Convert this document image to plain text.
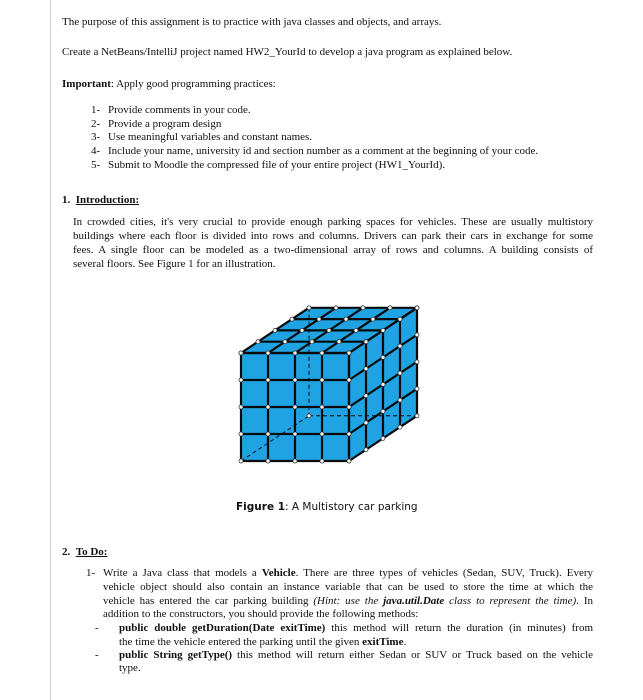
The purpose of this assignment is to practice with java classes and objects, and arrays.
Create a NetBeans/IntelliJ project named HW2_YourId to develop a java program as explained below.
Important: Apply good programming practices:
1- Provide comments in your code.
2- Provide a program design
3- Use meaningful variables and constant names.
4- Include your name, university id and section number as a comment at the beginning of your code.
5- Submit to Moodle the compressed file of your entire project (HW1_YourId).
1. Introduction:
In crowded cities, it's very crucial to provide enough parking spaces for vehicles. These are usually multistory
buildings where each floor is divided into rows and columns. Drivers can park their cars in exchange for some
fees. A single floor can be modeled as a two-dimensional array of rows and columns. A building consists of
several floors. See Figure 1 for an illustration.
Figure 1: A Multistory car parking
2. To Do:
1- Write a Java class that models a Vehicle. There are three types of vehicles (Sedan, SUV, Truck). Every
vehicle object should also contain an instance variable that can be used to store the time at which the
vehicle has entered the car parking building (Hint: use the java.util.Date class to represent the time). In
addition to the constructors, you should provide the following methods:
- public double getDuration(Date exitTime) this method will return the duration (in minutes) from
the time the vehicle entered the parking until the given exitTime.
- public String getType() this method will return either Sedan or SUV or Truck based on the vehicle
type.
